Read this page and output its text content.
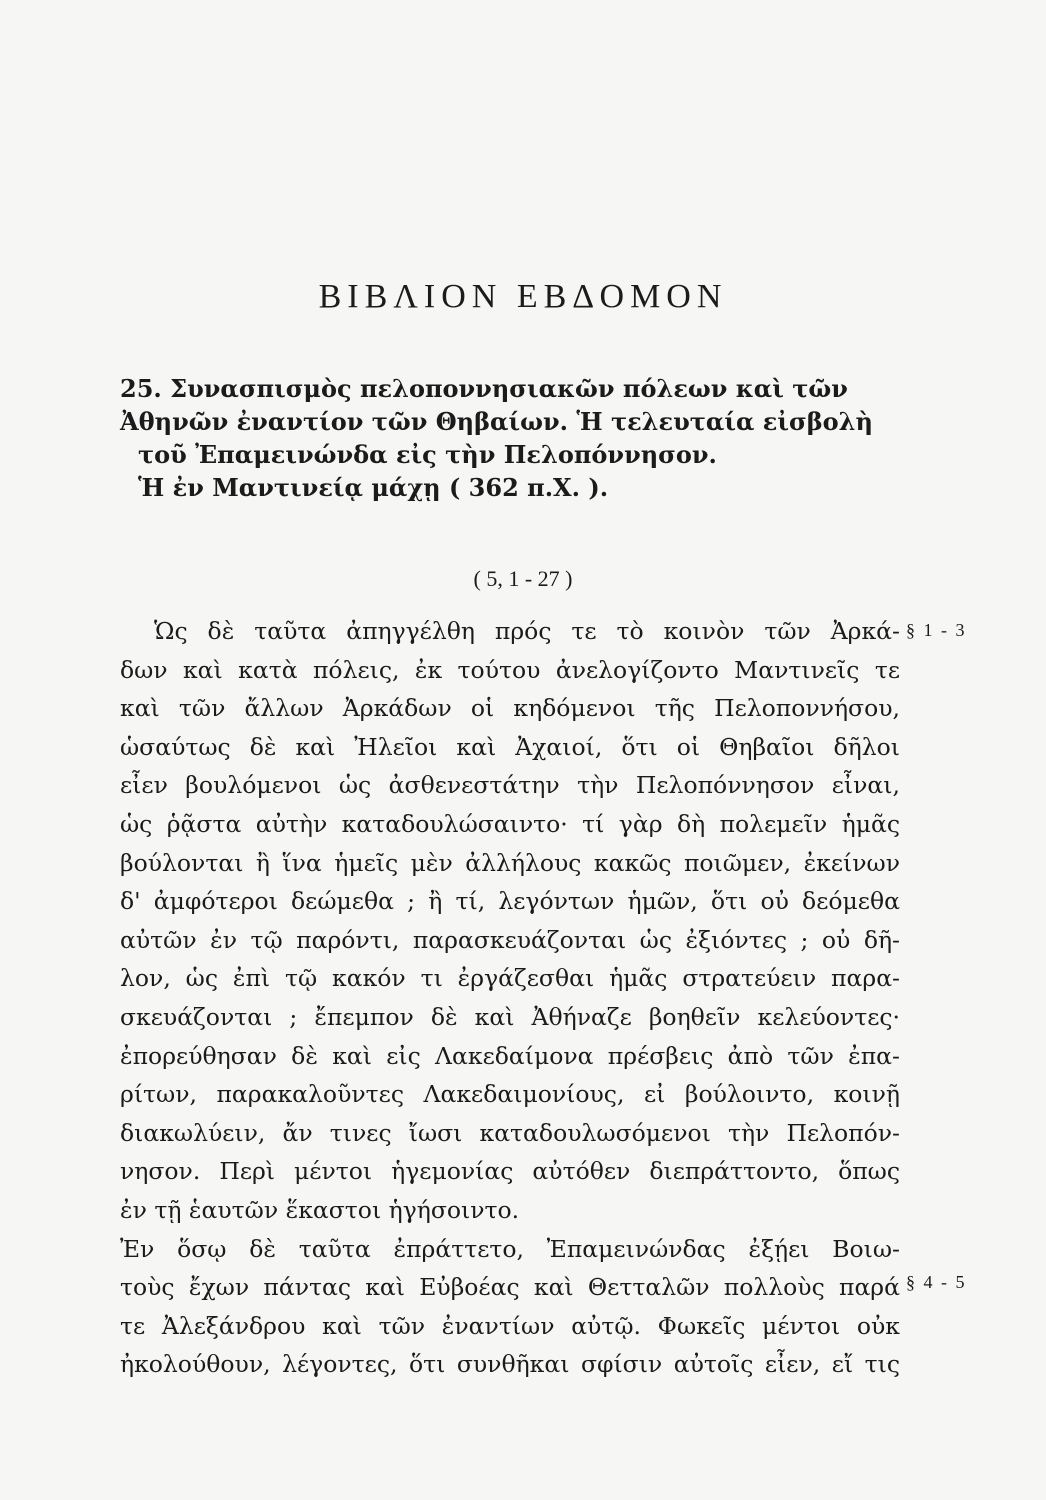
ΒΙΒΛΙΟΝ ΕΒΔΟΜΟΝ
25. Συνασπισμὸς πελοποννησιακῶν πόλεων καὶ τῶν
Ἀθηνῶν ἐναντίον τῶν Θηβαίων. Ἡ τελευταία εἰσβολὴ
τοῦ Ἐπαμεινώνδα εἰς τὴν Πελοπόννησον.
Ἡ ἐν Μαντινείᾳ μάχῃ ( 362 π.Χ. ).
( 5, 1 - 27 )
Ὡς δὲ ταῦτα ἀπηγγέλθη πρός τε τὸ κοινὸν τῶν Ἀρκά-
δων καὶ κατὰ πόλεις, ἐκ τούτου ἀνελογίζοντο Μαντινεῖς τε
καὶ τῶν ἄλλων Ἀρκάδων οἱ κηδόμενοι τῆς Πελοποννήσου,
ὡσαύτως δὲ καὶ Ἠλεῖοι καὶ Ἀχαιοί, ὅτι οἱ Θηβαῖοι δῆλοι
εἶεν βουλόμενοι ὡς ἀσθενεστάτην τὴν Πελοπόννησον εἶναι,
ὡς ῥᾷστα αὐτὴν καταδουλώσαιντο· τί γὰρ δὴ πολεμεῖν ἡμᾶς
βούλονται ἢ ἵνα ἡμεῖς μὲν ἀλλήλους κακῶς ποιῶμεν, ἐκείνων
δ' ἀμφότεροι δεώμεθα ; ἢ τί, λεγόντων ἡμῶν, ὅτι οὐ δεόμεθα
αὐτῶν ἐν τῷ παρόντι, παρασκευάζονται ὡς ἐξιόντες ; οὐ δῆ-
λον, ὡς ἐπὶ τῷ κακόν τι ἐργάζεσθαι ἡμᾶς στρατεύειν παρα-
σκευάζονται ; ἔπεμπον δὲ καὶ Ἀθήναζε βοηθεῖν κελεύοντες·
ἐπορεύθησαν δὲ καὶ εἰς Λακεδαίμονα πρέσβεις ἀπὸ τῶν ἐπα-
ρίτων, παρακαλοῦντες Λακεδαιμονίους, εἰ βούλοιντο, κοινῇ
διακωλύειν, ἄν τινες ἴωσι καταδουλωσόμενοι τὴν Πελοπόν-
νησον. Περὶ μέντοι ἡγεμονίας αὐτόθεν διεπράττοντο, ὅπως
ἐν τῇ ἑαυτῶν ἕκαστοι ἡγήσοιντο.
Ἐν ὅσῳ δὲ ταῦτα ἐπράττετο, Ἐπαμεινώνδας ἐξῄει Βοιω-
τοὺς ἔχων πάντας καὶ Εὐβοέας καὶ Θετταλῶν πολλοὺς παρά
τε Ἀλεξάνδρου καὶ τῶν ἐναντίων αὐτῷ. Φωκεῖς μέντοι οὐκ
ἠκολούθουν, λέγοντες, ὅτι συνθῆκαι σφίσιν αὐτοῖς εἶεν, εἴ τις
§ 1 - 3
§ 4 - 5
